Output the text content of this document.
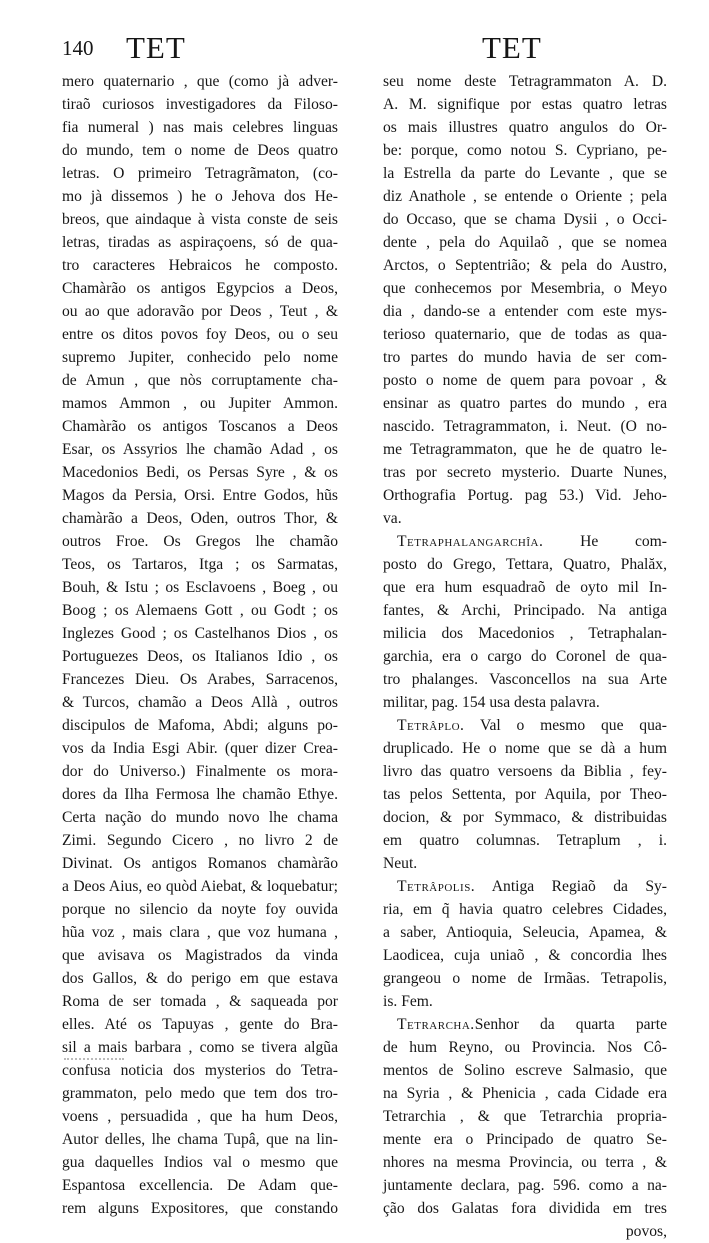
140 TET	TET
mero quaternario , que (como jà adver-
tiraõ curiosos investigadores da Filoso-
fia numeral ) nas mais celebres linguas
do mundo, tem o nome de Deos quatro
letras. O primeiro Tetragrãmaton, (co-
mo jà dissemos ) he o Jehova dos He-
breos, que aindaque à vista conste de seis
letras, tiradas as aspiraçoens, só de qua-
tro caracteres Hebraicos he composto.
Chamàrão os antigos Egypcios a Deos,
ou ao que adoravão por Deos , Teut , &
entre os ditos povos foy Deos, ou o seu
supremo Jupiter, conhecido pelo nome
de Amun , que nòs corruptamente cha-
mamos Ammon , ou Jupiter Ammon.
Chamàrão os antigos Toscanos a Deos
Esar, os Assyrios lhe chamão Adad , os
Macedonios Bedi, os Persas Syre , & os
Magos da Persia, Orsi. Entre Godos, hũs
chamàrão a Deos, Oden, outros Thor, &
outros Froe. Os Gregos lhe chamão
Teos, os Tartaros, Itga ; os Sarmatas,
Bouh, & Istu ; os Esclavoens , Boeg , ou
Boog ; os Alemaens Gott , ou Godt ; os
Inglezes Good ; os Castelhanos Dios , os
Portuguezes Deos, os Italianos Idio , os
Francezes Dieu. Os Arabes, Sarracenos,
& Turcos, chamão a Deos Allà , outros
discipulos de Mafoma, Abdi; alguns po-
vos da India Esgi Abir. (quer dizer Crea-
dor do Universo.) Finalmente os mora-
dores da Ilha Fermosa lhe chamão Ethye.
Certa nação do mundo novo lhe chama
Zimi. Segundo Cicero , no livro 2 de
Divinat. Os antigos Romanos chamàrão
a Deos Aius, eo quòd Aiebat, & loquebatur;
porque no silencio da noyte foy ouvida
hũa voz , mais clara , que voz humana ,
que avisava os Magistrados da vinda
dos Gallos, & do perigo em que estava
Roma de ser tomada , & saqueada por
elles. Até os Tapuyas , gente do Bra-
sil a mais barbara , como se tivera algũa
confusa noticia dos mysterios do Tetra-
grammaton, pelo medo que tem dos tro-
voens , persuadida , que ha hum Deos,
Autor delles, lhe chama Tupâ, que na lin-
gua daquelles Indios val o mesmo que
Espantosa excellencia. De Adam que-
rem alguns Expositores, que constando
seu nome deste Tetragrammaton A. D.
A. M. signifique por estas quatro letras
os mais illustres quatro angulos do Or-
be: porque, como notou S. Cypriano, pe-
la Estrella da parte do Levante , que se
diz Anathole , se entende o Oriente ; pela
do Occaso, que se chama Dysii , o Occi-
dente , pela do Aquilaõ , que se nomea
Arctos, o Septentrião; & pela do Austro,
que conhecemos por Mesembria, o Meyo
dia , dando-se a entender com este mys-
terioso quaternario, que de todas as qua-
tro partes do mundo havia de ser com-
posto o nome de quem para povoar , &
ensinar as quatro partes do mundo , era
nascido. Tetragrammaton, i. Neut. (O no-
me Tetragrammaton, que he de quatro le-
tras por secreto mysterio. Duarte Nunes,
Orthografia Portug. pag 53.) Vid. Jeho-
va.
Tetraphalangarchîa. He com-
posto do Grego, Tettara, Quatro, Phalăx,
que era hum esquadraõ de oyto mil In-
fantes, & Archi, Principado. Na antiga
milicia dos Macedonios , Tetraphalan-
garchia, era o cargo do Coronel de qua-
tro phalanges. Vasconcellos na sua Arte
militar, pag. 154 usa desta palavra.
Tetrâplo. Val o mesmo que qua-
druplicado. He o nome que se dà a hum
livro das quatro versoens da Biblia , fey-
tas pelos Settenta, por Aquila, por Theo-
docion, & por Symmaco, & distribuidas
em quatro columnas. Tetraplum , i.
Neut.
Tetrâpolis. Antiga Regiaõ da Sy-
ria, em q̃ havia quatro celebres Cidades,
a saber, Antioquia, Seleucia, Apamea, &
Laodicea, cuja uniaõ , & concordia lhes
grangeou o nome de Irmãas. Tetrapolis,
is. Fem.
Tetrarcha.Senhor da quarta parte
de hum Reyno, ou Provincia. Nos Cô-
mentos de Solino escreve Salmasio, que
na Syria , & Phenicia , cada Cidade era
Tetrarchia , & que Tetrarchia propria-
mente era o Principado de quatro Se-
nhores na mesma Provincia, ou terra , &
juntamente declara, pag. 596. como a na-
ção dos Galatas fora dividida em tres
povos,
